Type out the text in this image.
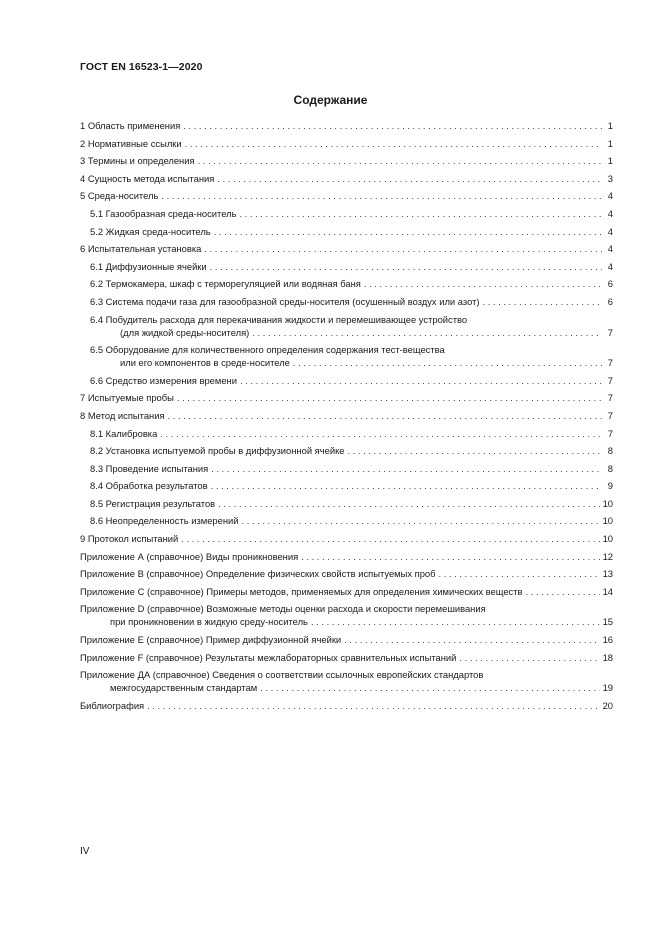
ГОСТ EN 16523-1—2020
Содержание
1 Область применения . . .	1
2 Нормативные ссылки . . .	1
3 Термины и определения . . .	1
4 Сущность метода испытания . . .	3
5 Среда-носитель . . .	4
5.1 Газообразная среда-носитель . . .	4
5.2 Жидкая среда-носитель . . .	4
6 Испытательная установка . . .	4
6.1 Диффузионные ячейки . . .	4
6.2 Термокамера, шкаф с терморегуляцией или водяная баня . . .	6
6.3 Система подачи газа для газообразной среды-носителя (осушенный воздух или азот) . . .	6
6.4 Побудитель расхода для перекачивания жидкости и перемешивающее устройство
(для жидкой среды-носителя) . . .	7
6.5 Оборудование для количественного определения содержания тест-вещества
или его компонентов в среде-носителе . . .	7
6.6 Средство измерения времени . . .	7
7 Испытуемые пробы . . .	7
8 Метод испытания . . .	7
8.1 Калибровка . . .	7
8.2 Установка испытуемой пробы в диффузионной ячейке . . .	8
8.3 Проведение испытания . . .	8
8.4 Обработка результатов . . .	9
8.5 Регистрация результатов . . .	10
8.6 Неопределенность измерений . . .	10
9 Протокол испытаний . . .	10
Приложение А (справочное) Виды проникновения . . .	12
Приложение В (справочное) Определение физических свойств испытуемых проб . . .	13
Приложение С (справочное) Примеры методов, применяемых для определения химических веществ . . .	14
Приложение D (справочное) Возможные методы оценки расхода и скорости перемешивания
при проникновении в жидкую среду-носитель . . .	15
Приложение Е (справочное) Пример диффузионной ячейки . . .	16
Приложение F (справочное) Результаты межлабораторных сравнительных испытаний . . .	18
Приложение ДА (справочное) Сведения о соответствии ссылочных европейских стандартов
межгосударственным стандартам . . .	19
Библиография . . .	20
IV
